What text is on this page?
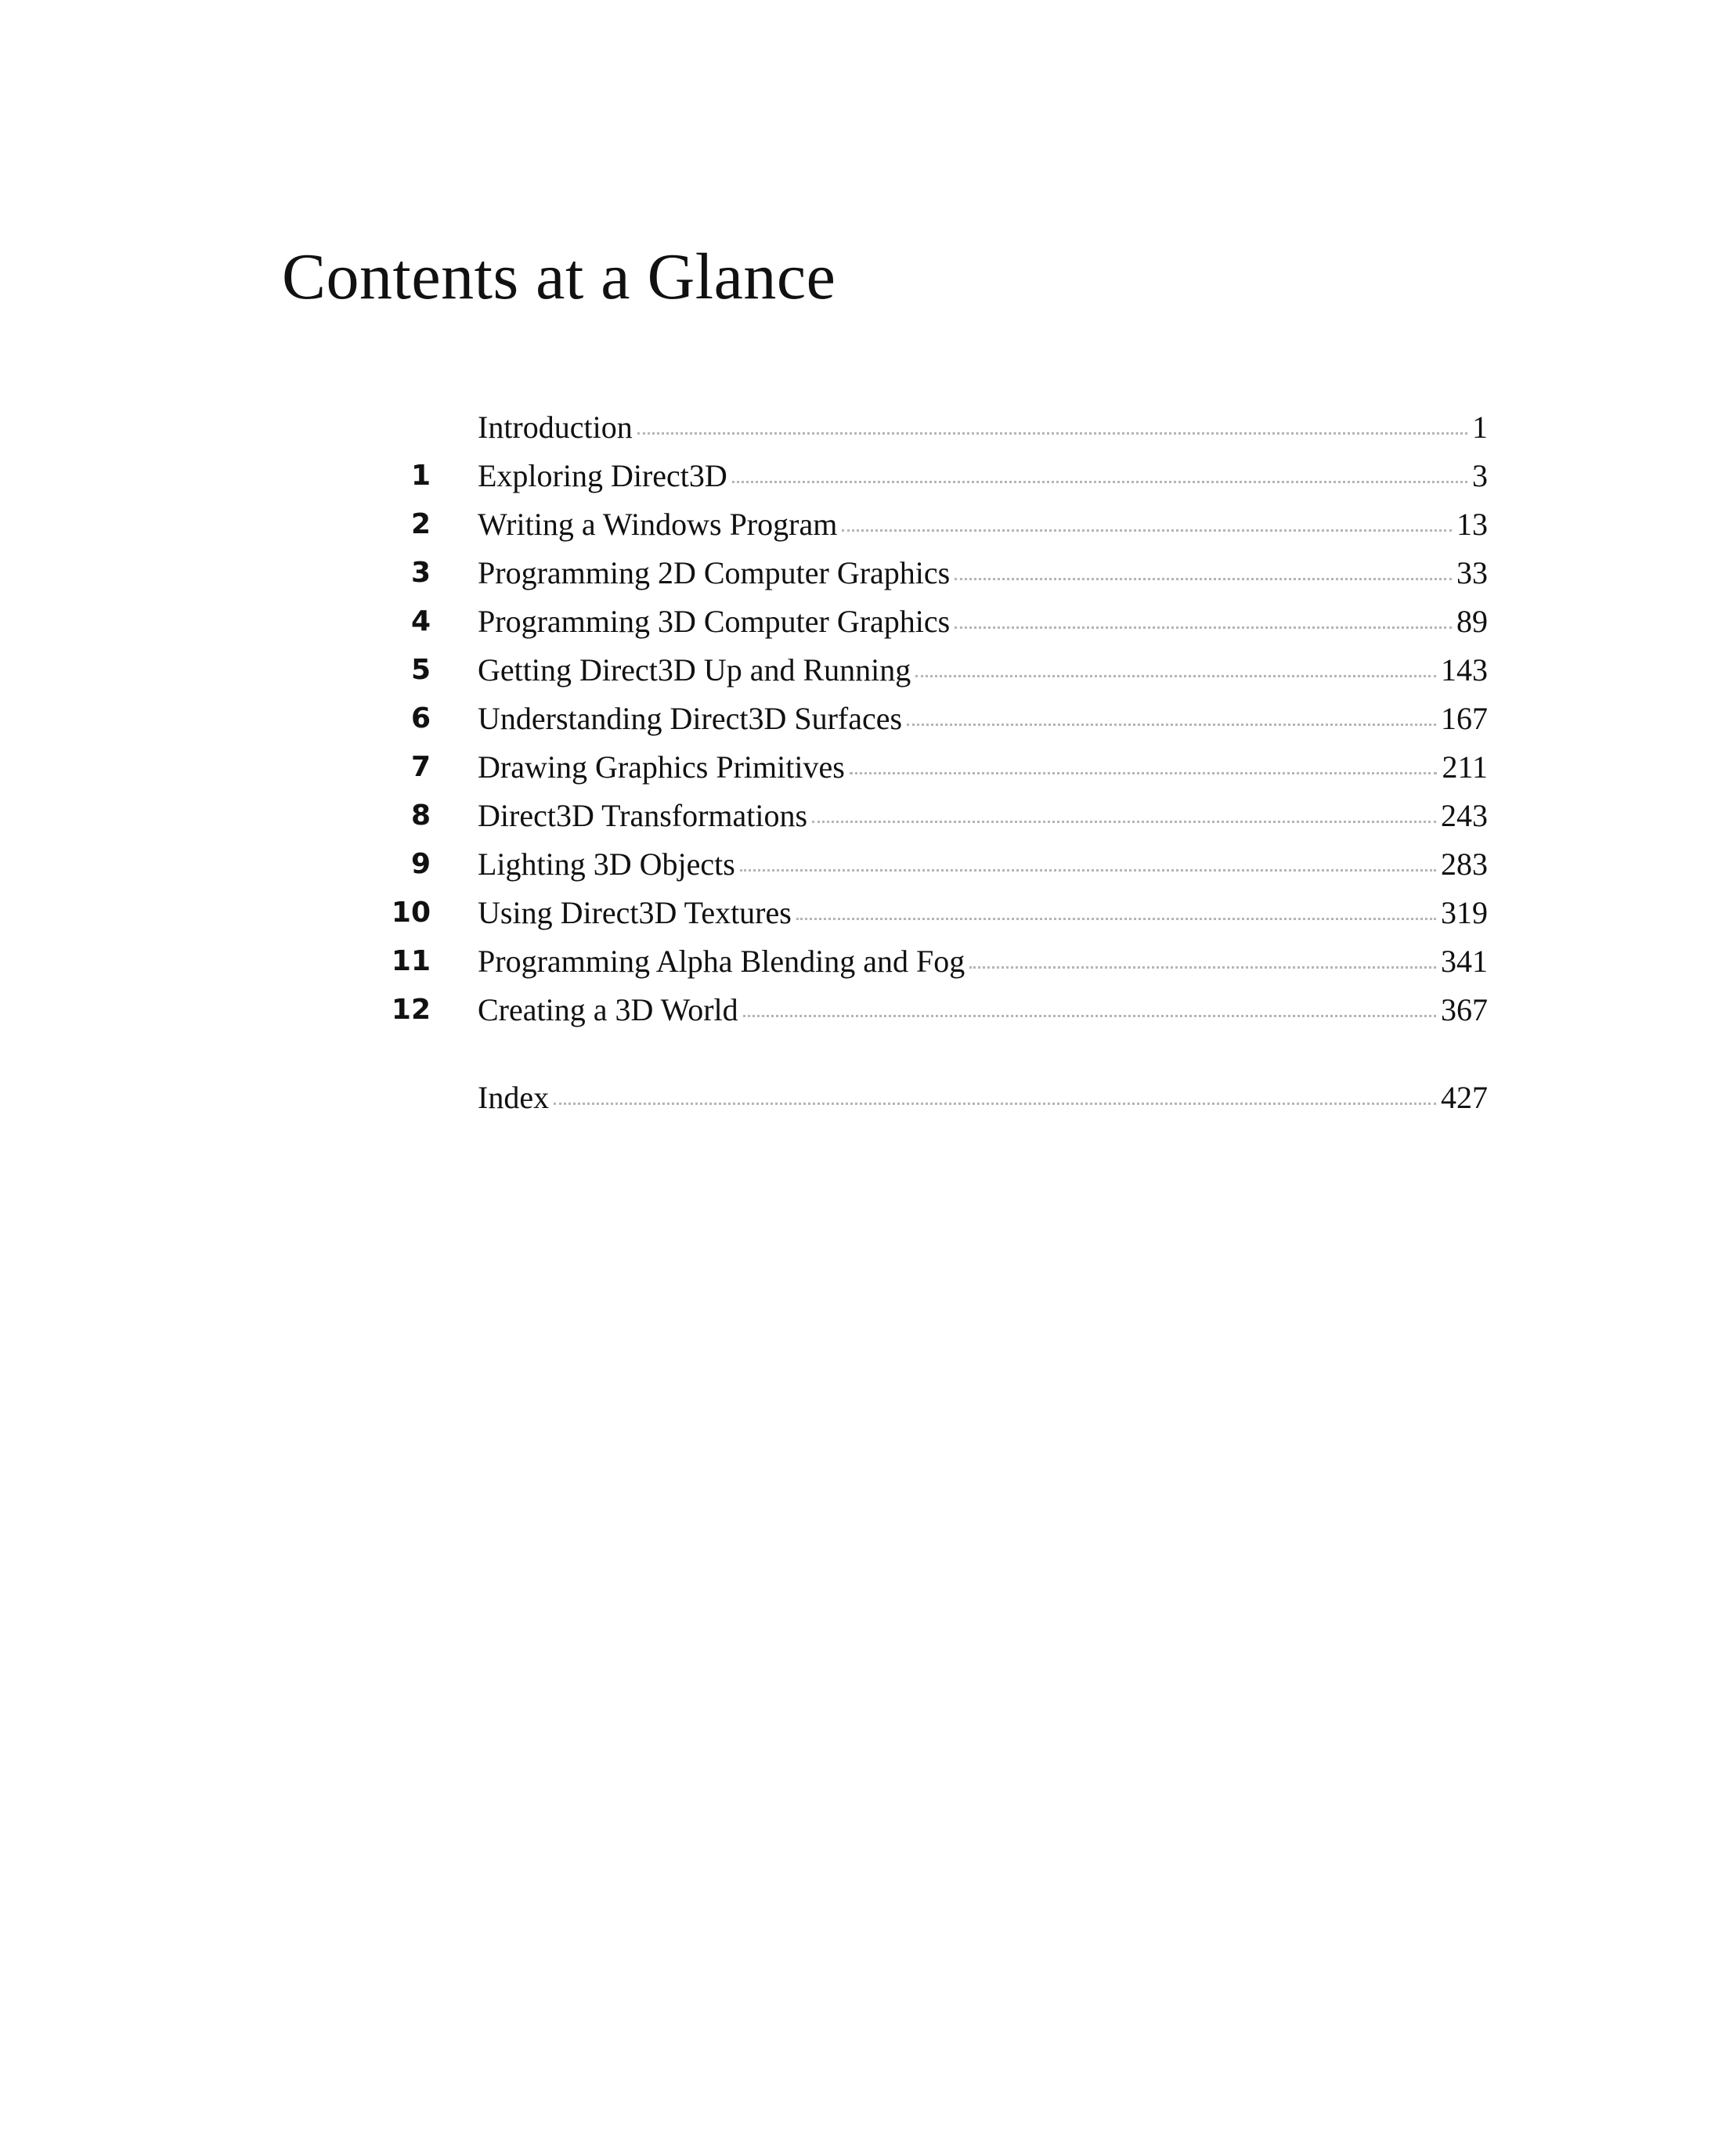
Contents at a Glance
Introduction	1
1 Exploring Direct3D	3
2 Writing a Windows Program	13
3 Programming 2D Computer Graphics	33
4 Programming 3D Computer Graphics	89
5 Getting Direct3D Up and Running	143
6 Understanding Direct3D Surfaces	167
7 Drawing Graphics Primitives	211
8 Direct3D Transformations	243
9 Lighting 3D Objects	283
10 Using Direct3D Textures	319
11 Programming Alpha Blending and Fog	341
12 Creating a 3D World	367
Index	427
